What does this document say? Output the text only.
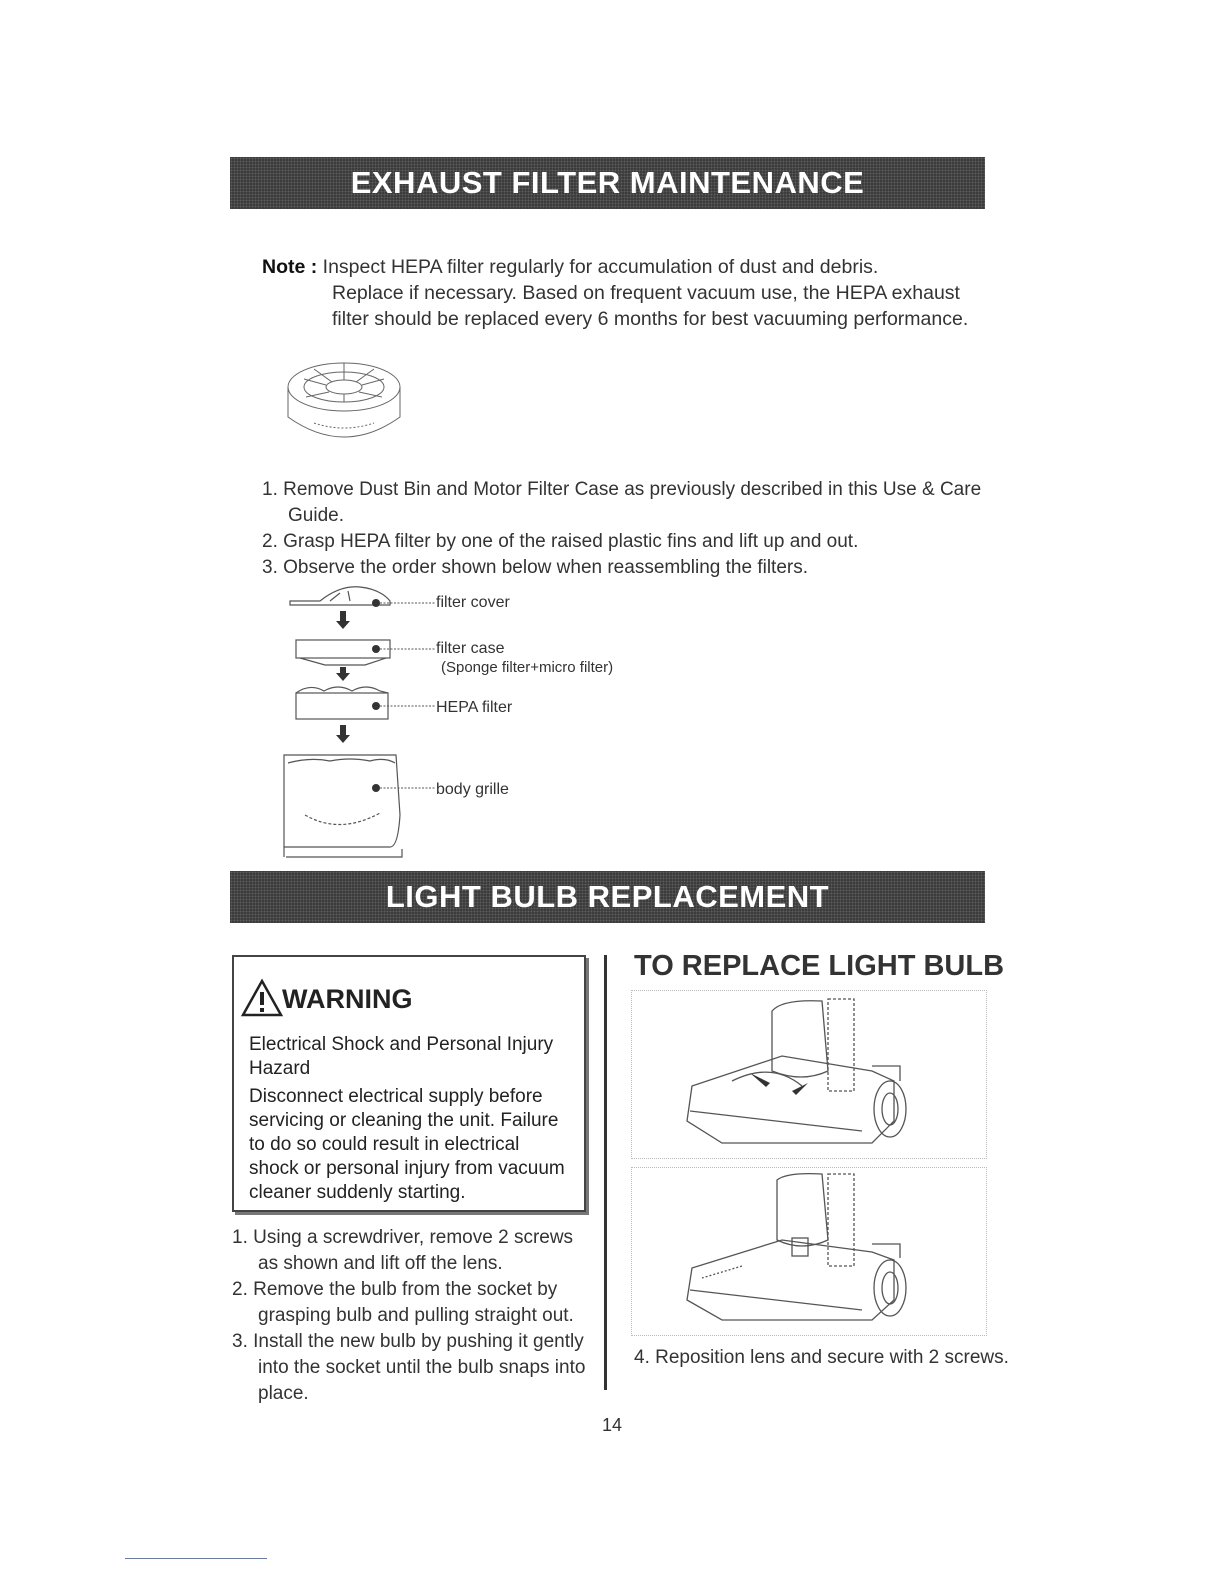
EXHAUST FILTER MAINTENANCE
Note : Inspect HEPA filter regularly for accumulation of dust and debris.
Replace if necessary. Based on frequent vacuum use, the HEPA exhaust filter should be replaced every 6 months for best vacuuming performance.
1. Remove Dust Bin and Motor Filter Case as previously described in this Use & Care Guide.
2. Grasp HEPA filter by one of the raised plastic fins and lift up and out.
3. Observe the order shown below when reassembling the filters.
filter cover
filter case
(Sponge filter+micro filter)
HEPA filter
body grille
LIGHT BULB REPLACEMENT
WARNING
Electrical Shock and Personal Injury Hazard
Disconnect electrical supply before servicing or cleaning the unit. Failure to do so could result in electrical shock or personal injury from vacuum cleaner suddenly starting.
1. Using a screwdriver, remove 2 screws as shown and lift off the lens.
2. Remove the bulb from the socket by grasping bulb and pulling straight out.
3. Install the new bulb by pushing it gently into the socket until the bulb snaps into place.
TO REPLACE LIGHT BULB
4. Reposition lens and secure with 2 screws.
14
